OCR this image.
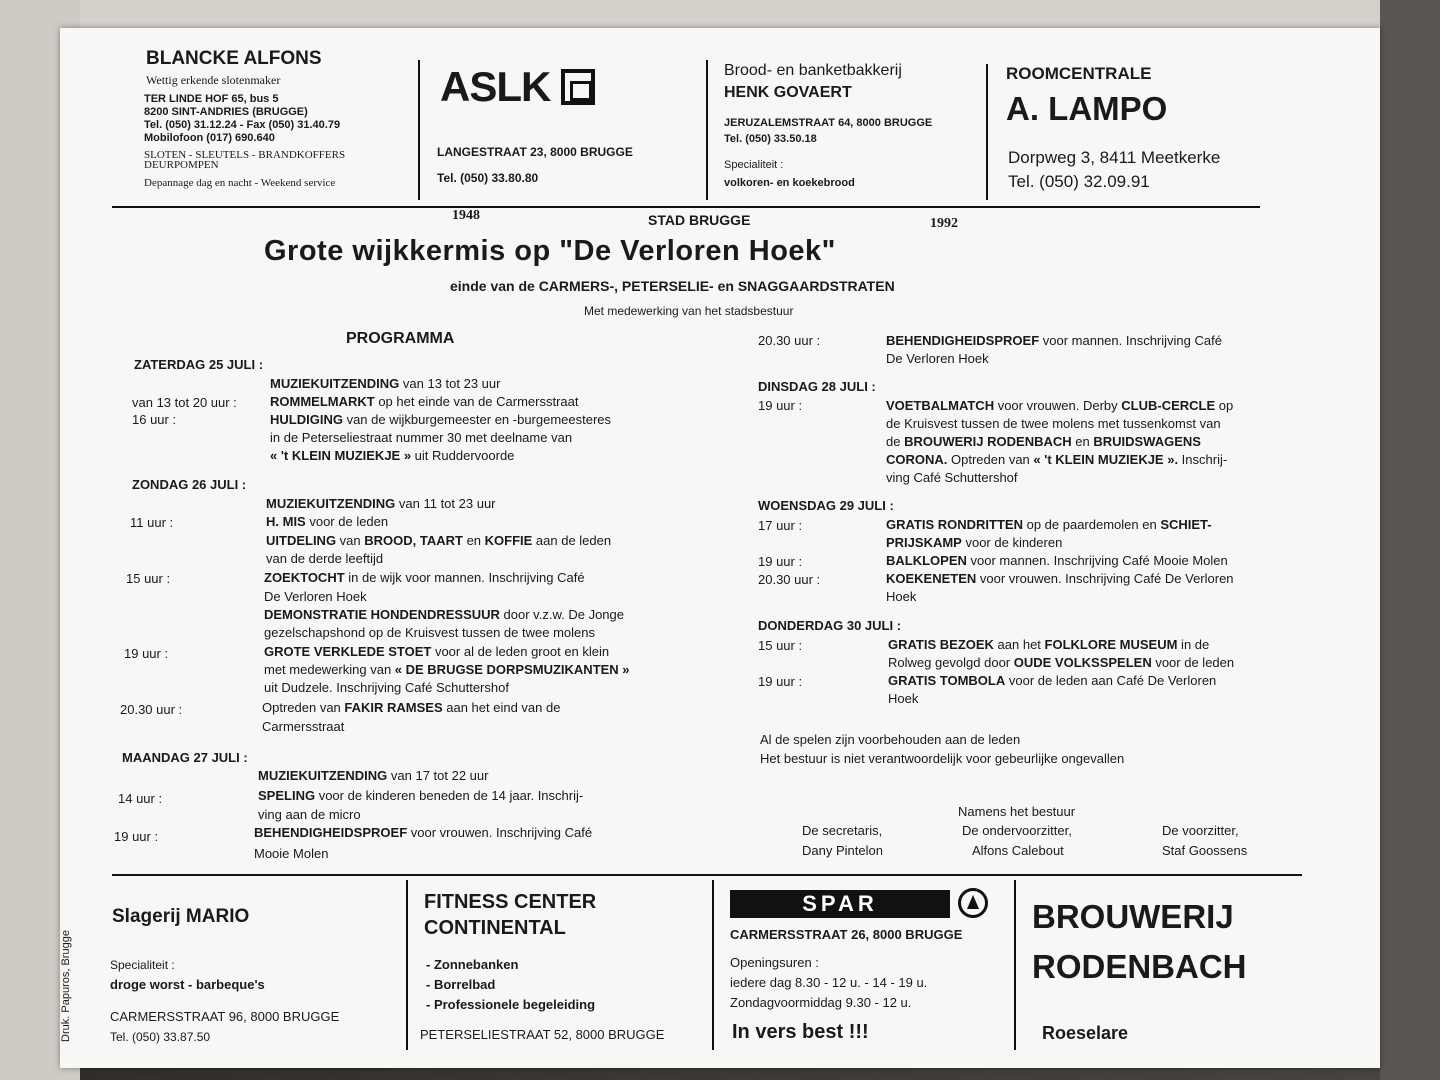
BLANCKE ALFONS
Wettig erkende slotenmaker
TER LINDE HOF 65, bus 5
8200 SINT-ANDRIES (BRUGGE)
Tel. (050) 31.12.24 - Fax (050) 31.40.79
Mobilofoon (017) 690.640
SLOTEN - SLEUTELS - BRANDKOFFERS
DEURPOMPEN
Depannage dag en nacht - Weekend service
ASLK
LANGESTRAAT 23, 8000 BRUGGE
Tel. (050) 33.80.80
Brood- en banketbakkerij
HENK GOVAERT
JERUZALEMSTRAAT 64, 8000 BRUGGE
Tel. (050) 33.50.18
Specialiteit :
volkoren- en koekebrood
ROOMCENTRALE
A. LAMPO
Dorpweg 3, 8411 Meetkerke
Tel. (050) 32.09.91
1948	STAD BRUGGE	1992
Grote wijkkermis op "De Verloren Hoek"
einde van de CARMERS-, PETERSELIE- en SNAGGAARDSTRATEN
Met medewerking van het stadsbestuur
PROGRAMMA
ZATERDAG 25 JULI :
MUZIEKUITZENDING van 13 tot 23 uur
van 13 tot 20 uur :	ROMMELMARKT op het einde van de Carmersstraat
16 uur :	HULDIGING van de wijkburgemeester en -burgemeesteres
in de Peterseliestraat nummer 30 met deelname van
« 't KLEIN MUZIEKJE » uit Ruddervoorde
ZONDAG 26 JULI :
MUZIEKUITZENDING van 11 tot 23 uur
11 uur :	H. MIS voor de leden
UITDELING van BROOD, TAART en KOFFIE aan de leden
van de derde leeftijd
15 uur :	ZOEKTOCHT in de wijk voor mannen. Inschrijving Café
De Verloren Hoek
DEMONSTRATIE HONDENDRESSUUR door v.z.w. De Jonge
gezelschapshond op de Kruisvest tussen de twee molens
19 uur :	GROTE VERKLEDE STOET voor al de leden groot en klein
met medewerking van « DE BRUGSE DORPSMUZIKANTEN »
uit Dudzele. Inschrijving Café Schuttershof
20.30 uur :	Optreden van FAKIR RAMSES aan het eind van de
Carmersstraat
MAANDAG 27 JULI :
MUZIEKUITZENDING van 17 tot 22 uur
14 uur :	SPELING voor de kinderen beneden de 14 jaar. Inschrij-
ving aan de micro
19 uur :	BEHENDIGHEIDSPROEF voor vrouwen. Inschrijving Café
Mooie Molen
20.30 uur :	BEHENDIGHEIDSPROEF voor mannen. Inschrijving Café
De Verloren Hoek
DINSDAG 28 JULI :
19 uur :	VOETBALMATCH voor vrouwen. Derby CLUB-CERCLE op
de Kruisvest tussen de twee molens met tussenkomst van
de BROUWERIJ RODENBACH en BRUIDSWAGENS
CORONA. Optreden van « 't KLEIN MUZIEKJE ». Inschrij-
ving Café Schuttershof
WOENSDAG 29 JULI :
17 uur :	GRATIS RONDRITTEN op de paardemolen en SCHIET-
PRIJSKAMP voor de kinderen
19 uur :	BALKLOPEN voor mannen. Inschrijving Café Mooie Molen
20.30 uur :	KOEKENETEN voor vrouwen. Inschrijving Café De Verloren
Hoek
DONDERDAG 30 JULI :
15 uur :	GRATIS BEZOEK aan het FOLKLORE MUSEUM in de
Rolweg gevolgd door OUDE VOLKSSPELEN voor de leden
19 uur :	GRATIS TOMBOLA voor de leden aan Café De Verloren
Hoek
Al de spelen zijn voorbehouden aan de leden
Het bestuur is niet verantwoordelijk voor gebeurlijke ongevallen
Namens het bestuur
De secretaris,
Dany Pintelon
De ondervoorzitter,
Alfons Calebout
De voorzitter,
Staf Goossens
Druk. Papuros, Brugge
Slagerij MARIO
Specialiteit :
droge worst - barbeque's
CARMERSSTRAAT 96, 8000 BRUGGE
Tel. (050) 33.87.50
FITNESS CENTER
CONTINENTAL
- Zonnebanken
- Borrelbad
- Professionele begeleiding
PETERSELIESTRAAT 52, 8000 BRUGGE
SPAR
CARMERSSTRAAT 26, 8000 BRUGGE
Openingsuren :
iedere dag 8.30 - 12 u. - 14 - 19 u.
Zondagvoormiddag 9.30 - 12 u.
In vers best !!!
BROUWERIJ
RODENBACH
Roeselare
